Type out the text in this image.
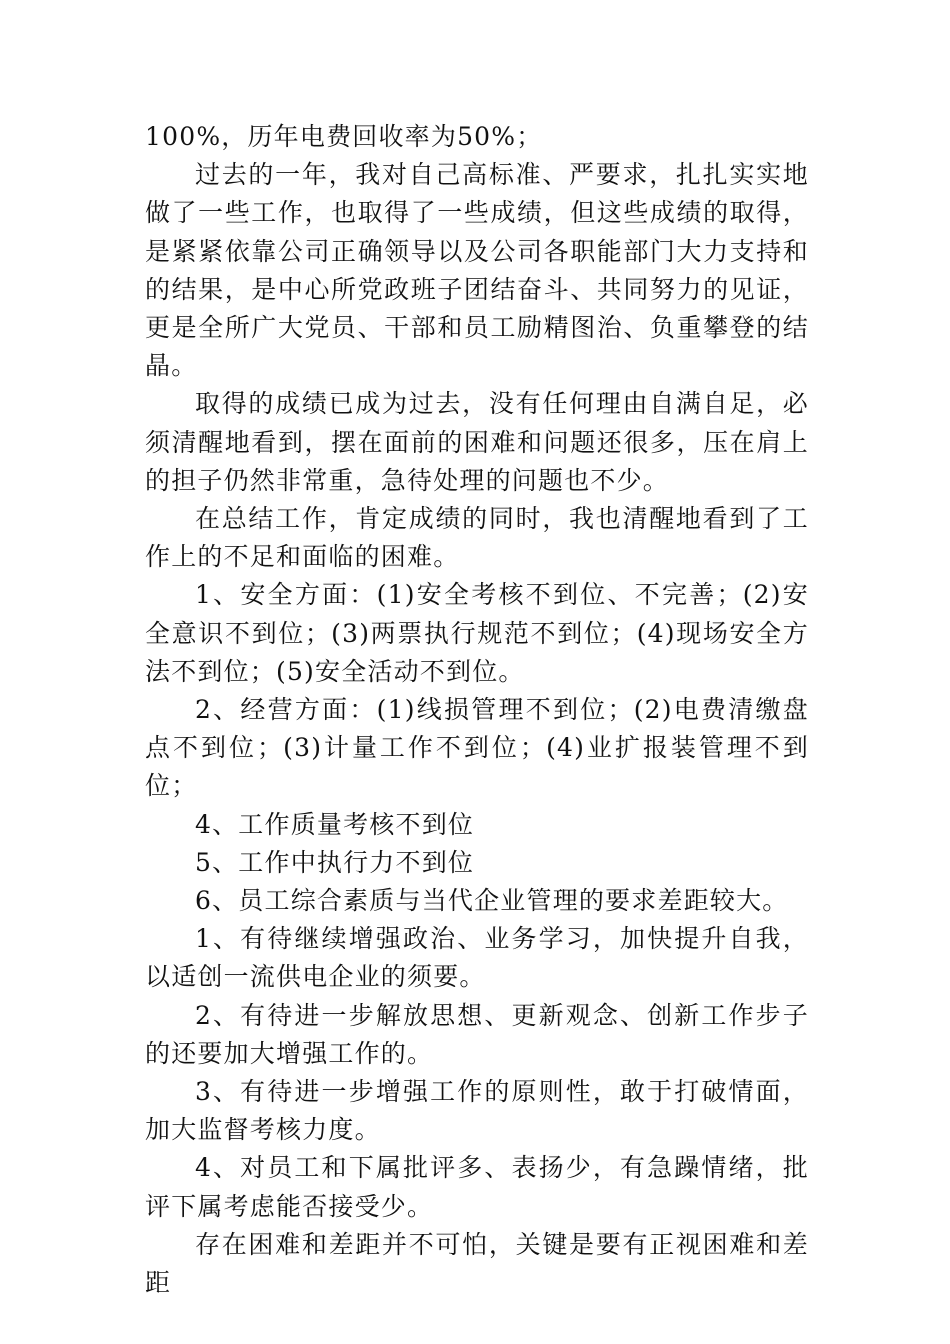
100%，历年电费回收率为50%；

过去的一年，我对自己高标准、严要求，扎扎实实地做了一些工作，也取得了一些成绩，但这些成绩的取得，是紧紧依靠公司正确领导以及公司各职能部门大力支持和的结果，是中心所党政班子团结奋斗、共同努力的见证，更是全所广大党员、干部和员工励精图治、负重攀登的结晶。

取得的成绩已成为过去，没有任何理由自满自足，必须清醒地看到，摆在面前的困难和问题还很多，压在肩上的担子仍然非常重，急待处理的问题也不少。

在总结工作，肯定成绩的同时，我也清醒地看到了工作上的不足和面临的困难。

1、安全方面：(1)安全考核不到位、不完善；(2)安全意识不到位；(3)两票执行规范不到位；(4)现场安全方法不到位；(5)安全活动不到位。

2、经营方面：(1)线损管理不到位；(2)电费清缴盘点不到位；(3)计量工作不到位；(4)业扩报装管理不到位；

4、工作质量考核不到位

5、工作中执行力不到位

6、员工综合素质与当代企业管理的要求差距较大。

1、有待继续增强政治、业务学习，加快提升自我，以适创一流供电企业的须要。

2、有待进一步解放思想、更新观念、创新工作步子的还要加大增强工作的。

3、有待进一步增强工作的原则性，敢于打破情面，加大监督考核力度。

4、对员工和下属批评多、表扬少，有急躁情绪，批评下属考虑能否接受少。

存在困难和差距并不可怕，关键是要有正视困难和差距
